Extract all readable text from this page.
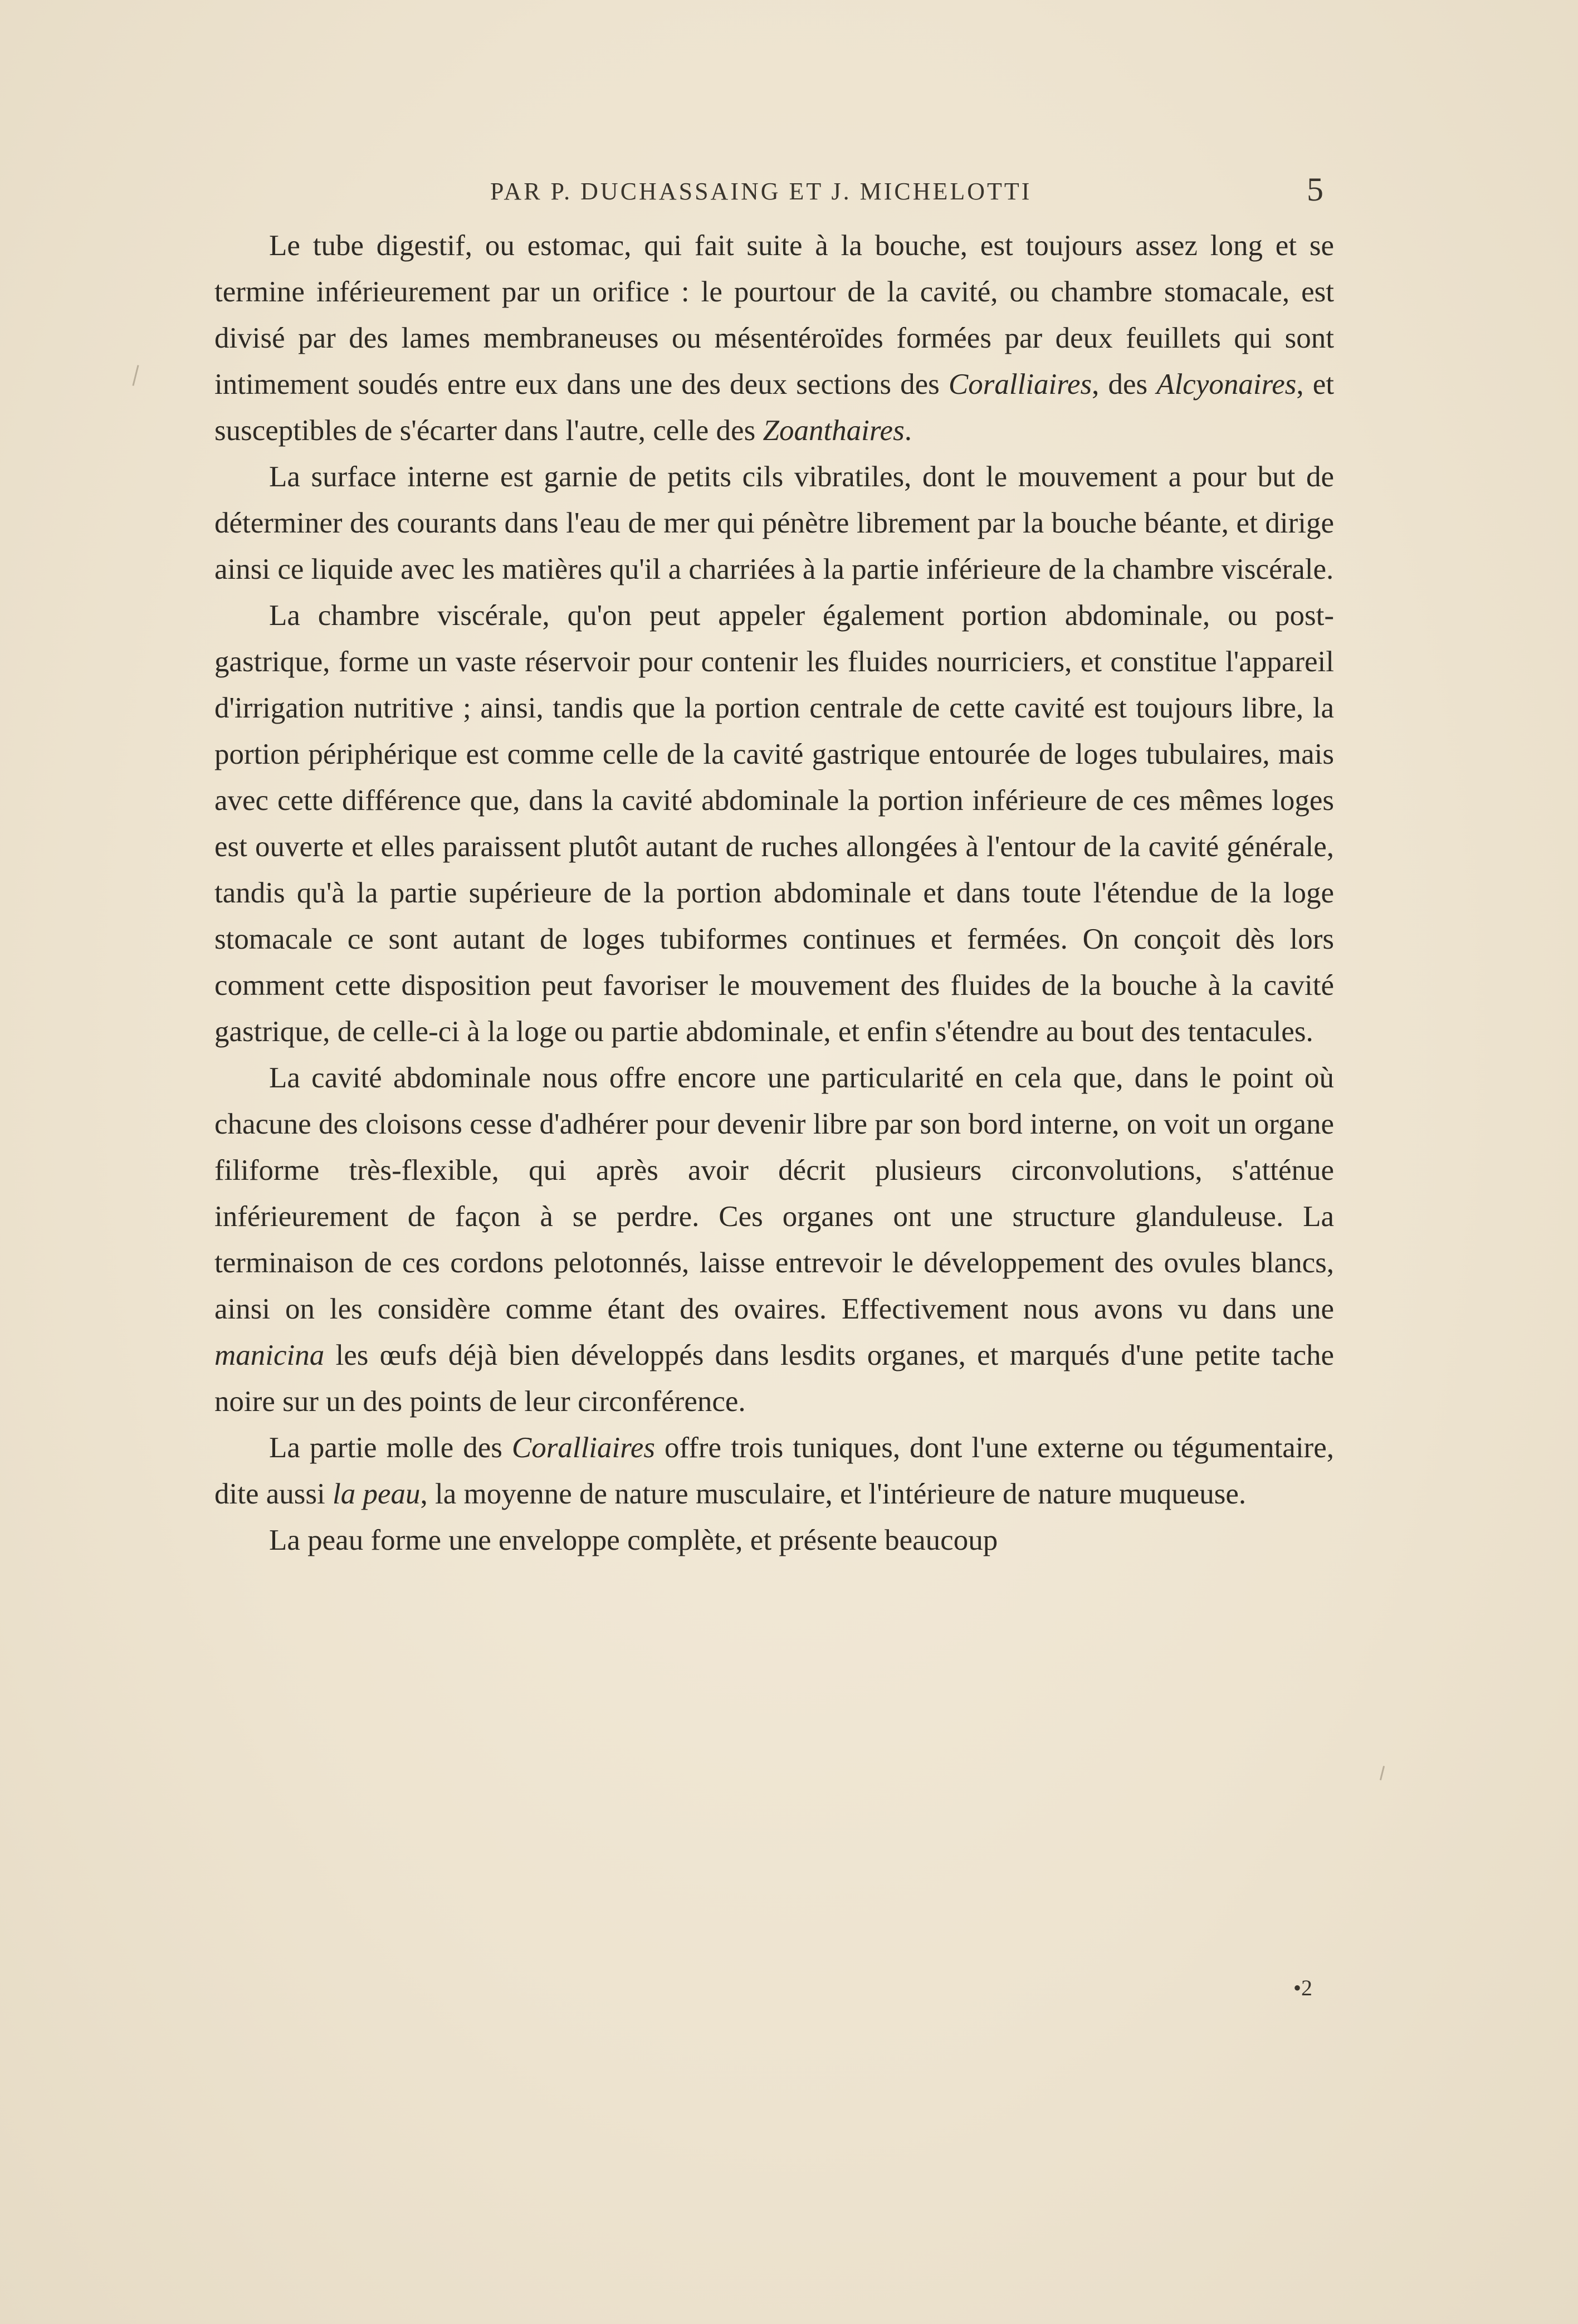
PAR P. DUCHASSAING ET J. MICHELOTTI	5

Le tube digestif, ou estomac, qui fait suite à la bouche, est toujours assez long et se termine inférieurement par un orifice : le pourtour de la cavité, ou chambre stomacale, est divisé par des lames membraneuses ou mésentéroïdes formées par deux feuillets qui sont intimement soudés entre eux dans une des deux sections des Coralliaires, des Alcyonaires, et susceptibles de s'écarter dans l'autre, celle des Zoanthaires.

La surface interne est garnie de petits cils vibratiles, dont le mouvement a pour but de déterminer des courants dans l'eau de mer qui pénètre librement par la bouche béante, et dirige ainsi ce liquide avec les matières qu'il a charriées à la partie inférieure de la chambre viscérale.

La chambre viscérale, qu'on peut appeler également portion abdominale, ou post-gastrique, forme un vaste réservoir pour contenir les fluides nourriciers, et constitue l'appareil d'irrigation nutritive ; ainsi, tandis que la portion centrale de cette cavité est toujours libre, la portion périphérique est comme celle de la cavité gastrique entourée de loges tubulaires, mais avec cette différence que, dans la cavité abdominale la portion inférieure de ces mêmes loges est ouverte et elles paraissent plutôt autant de ruches allongées à l'entour de la cavité générale, tandis qu'à la partie supérieure de la portion abdominale et dans toute l'étendue de la loge stomacale ce sont autant de loges tubiformes continues et fermées. On conçoit dès lors comment cette disposition peut favoriser le mouvement des fluides de la bouche à la cavité gastrique, de celle-ci à la loge ou partie abdominale, et enfin s'étendre au bout des tentacules.

La cavité abdominale nous offre encore une particularité en cela que, dans le point où chacune des cloisons cesse d'adhérer pour devenir libre par son bord interne, on voit un organe filiforme très-flexible, qui après avoir décrit plusieurs circonvolutions, s'atténue inférieurement de façon à se perdre. Ces organes ont une structure glanduleuse. La terminaison de ces cordons pelotonnés, laisse entrevoir le développement des ovules blancs, ainsi on les considère comme étant des ovaires. Effectivement nous avons vu dans une manicina les œufs déjà bien développés dans lesdits organes, et marqués d'une petite tache noire sur un des points de leur circonférence.

La partie molle des Coralliaires offre trois tuniques, dont l'une externe ou tégumentaire, dite aussi la peau, la moyenne de nature musculaire, et l'intérieure de nature muqueuse.

La peau forme une enveloppe complète, et présente beaucoup

•2
